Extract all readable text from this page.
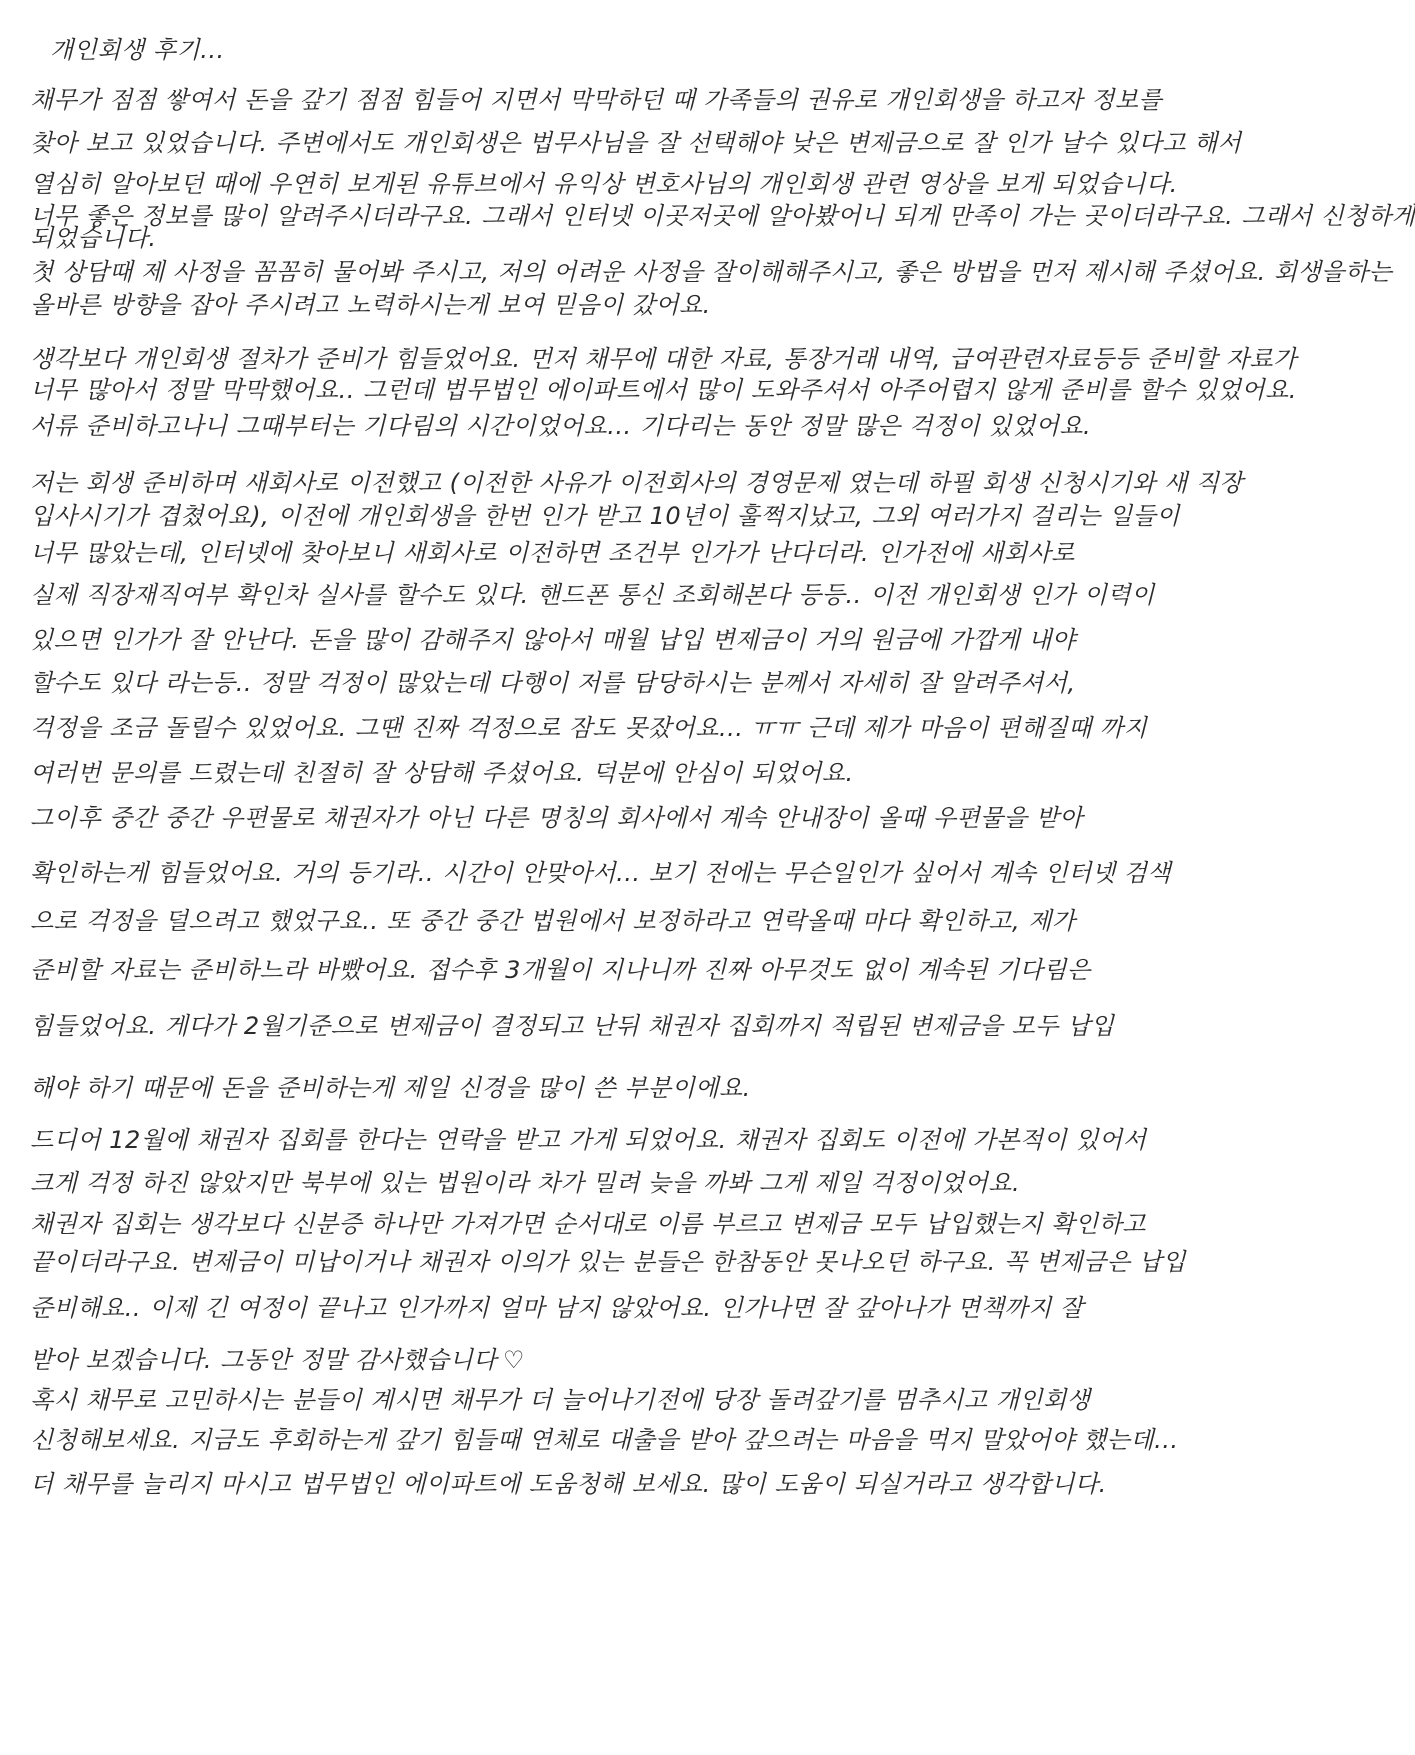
개인회생 후기...
채무가 점점 쌓여서 돈을 갚기 점점 힘들어 지면서 막막하던 때 가족들의 권유로 개인회생을 하고자 정보를
찾아 보고 있었습니다. 주변에서도 개인회생은 법무사님을 잘 선택해야 낮은 변제금으로 잘 인가 날수 있다고 해서
열심히 알아보던 때에 우연히 보게된 유튜브에서 유익상 변호사님의 개인회생 관련 영상을 보게 되었습니다.
너무 좋은 정보를 많이 알려주시더라구요. 그래서 인터넷 이곳저곳에 알아봤어니 되게 만족이 가는 곳이더라구요. 그래서 신청하게
되었습니다.
첫 상담때 제 사정을 꼼꼼히 물어봐 주시고, 저의 어려운 사정을 잘이해해주시고, 좋은 방법을 먼저 제시해 주셨어요. 회생을하는
올바른 방향을 잡아 주시려고 노력하시는게 보여 믿음이 갔어요.
생각보다 개인회생 절차가 준비가 힘들었어요. 먼저 채무에 대한 자료, 통장거래 내역, 급여관련자료등등 준비할 자료가
너무 많아서 정말 막막했어요.. 그런데 법무법인 에이파트에서 많이 도와주셔서 아주어렵지 않게 준비를 할수 있었어요.
서류 준비하고나니 그때부터는 기다림의 시간이었어요... 기다리는 동안 정말 많은 걱정이 있었어요.
저는 회생 준비하며 새회사로 이전했고 (이전한 사유가 이전회사의 경영문제 였는데 하필 회생 신청시기와 새 직장
입사시기가 겹쳤어요), 이전에 개인회생을 한번 인가 받고 10년이 훌쩍지났고, 그외 여러가지 걸리는 일들이
너무 많았는데, 인터넷에 찾아보니 새회사로 이전하면 조건부 인가가 난다더라. 인가전에 새회사로
실제 직장재직여부 확인차 실사를 할수도 있다. 핸드폰 통신 조회해본다 등등.. 이전 개인회생 인가 이력이
있으면 인가가 잘 안난다. 돈을 많이 감해주지 않아서 매월 납입 변제금이 거의 원금에 가깝게 내야
할수도 있다 라는등.. 정말 걱정이 많았는데 다행이 저를 담당하시는 분께서 자세히 잘 알려주셔서,
걱정을 조금 돌릴수 있었어요. 그땐 진짜 걱정으로 잠도 못잤어요... ㅠㅠ 근데 제가 마음이 편해질때 까지
여러번 문의를 드렸는데 친절히 잘 상담해 주셨어요. 덕분에 안심이 되었어요.
그이후 중간 중간 우편물로 채권자가 아닌 다른 명칭의 회사에서 계속 안내장이 올때 우편물을 받아
확인하는게 힘들었어요. 거의 등기라.. 시간이 안맞아서... 보기 전에는 무슨일인가 싶어서 계속 인터넷 검색
으로 걱정을 덜으려고 했었구요.. 또 중간 중간 법원에서 보정하라고 연락올때 마다 확인하고, 제가
준비할 자료는 준비하느라 바빴어요. 접수후 3개월이 지나니까 진짜 아무것도 없이 계속된 기다림은
힘들었어요. 게다가 2월기준으로 변제금이 결정되고 난뒤 채권자 집회까지 적립된 변제금을 모두 납입
해야 하기 때문에 돈을 준비하는게 제일 신경을 많이 쓴 부분이에요.
드디어 12월에 채권자 집회를 한다는 연락을 받고 가게 되었어요. 채권자 집회도 이전에 가본적이 있어서
크게 걱정 하진 않았지만 북부에 있는 법원이라 차가 밀려 늦을 까봐 그게 제일 걱정이었어요.
채권자 집회는 생각보다 신분증 하나만 가져가면 순서대로 이름 부르고 변제금 모두 납입했는지 확인하고
끝이더라구요. 변제금이 미납이거나 채권자 이의가 있는 분들은 한참동안 못나오던 하구요. 꼭 변제금은 납입
준비해요.. 이제 긴 여정이 끝나고 인가까지 얼마 남지 않았어요. 인가나면 잘 갚아나가 면책까지 잘
받아 보겠습니다. 그동안 정말 감사했습니다 ♡
혹시 채무로 고민하시는 분들이 계시면 채무가 더 늘어나기전에 당장 돌려갚기를 멈추시고 개인회생
신청해보세요. 지금도 후회하는게 갚기 힘들때 연체로 대출을 받아 갚으려는 마음을 먹지 말았어야 했는데...
더 채무를 늘리지 마시고 법무법인 에이파트에 도움청해 보세요. 많이 도움이 되실거라고 생각합니다.
